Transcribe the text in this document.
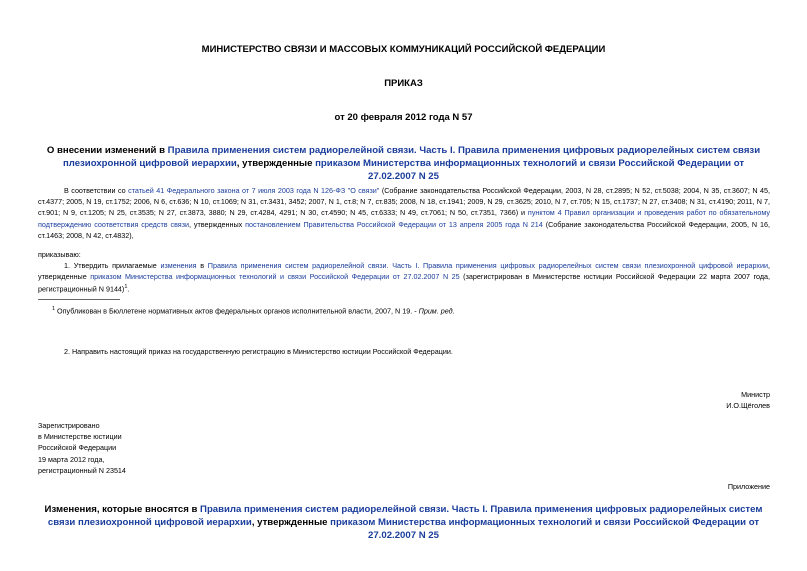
МИНИСТЕРСТВО СВЯЗИ И МАССОВЫХ КОММУНИКАЦИЙ РОССИЙСКОЙ ФЕДЕРАЦИИ
ПРИКАЗ
от 20 февраля 2012 года N 57
О внесении изменений в Правила применения систем радиорелейной связи. Часть I. Правила применения цифровых радиорелейных систем связи плезиохронной цифровой иерархии, утвержденные приказом Министерства информационных технологий и связи Российской Федерации от 27.02.2007 N 25
В соответствии со статьей 41 Федерального закона от 7 июля 2003 года N 126-ФЗ "О связи" (Собрание законодательства Российской Федерации, 2003, N 28, ст.2895; N 52, ст.5038; 2004, N 35, ст.3607; N 45, ст.4377; 2005, N 19, ст.1752; 2006, N 6, ст.636; N 10, ст.1069; N 31, ст.3431, 3452; 2007, N 1, ст.8; N 7, ст.835; 2008, N 18, ст.1941; 2009, N 29, ст.3625; 2010, N 7, ст.705; N 15, ст.1737; N 27, ст.3408; N 31, ст.4190; 2011, N 7, ст.901; N 9, ст.1205; N 25, ст.3535; N 27, ст.3873, 3880; N 29, ст.4284, 4291; N 30, ст.4590; N 45, ст.6333; N 49, ст.7061; N 50, ст.7351, 7366) и пунктом 4 Правил организации и проведения работ по обязательному подтверждению соответствия средств связи, утвержденных постановлением Правительства Российской Федерации от 13 апреля 2005 года N 214 (Собрание законодательства Российской Федерации, 2005, N 16, ст.1463; 2008, N 42, ст.4832),
приказываю:
1. Утвердить прилагаемые изменения в Правила применения систем радиорелейной связи. Часть I. Правила применения цифровых радиорелейных систем связи плезиохронной цифровой иерархии, утвержденные приказом Министерства информационных технологий и связи Российской Федерации от 27.02.2007 N 25 (зарегистрирован в Министерстве юстиции Российской Федерации 22 марта 2007 года, регистрационный N 9144)$^1$.
$^1$ Опубликован в Бюллетене нормативных актов федеральных органов исполнительной власти, 2007, N 19. - Прим. ред.
2. Направить настоящий приказ на государственную регистрацию в Министерство юстиции Российской Федерации.
Министр
И.О.Щёголев
Зарегистрировано
в Министерстве юстиции
Российской Федерации
19 марта 2012 года,
регистрационный N 23514
Приложение
Изменения, которые вносятся в Правила применения систем радиорелейной связи. Часть I. Правила применения цифровых радиорелейных систем связи плезиохронной цифровой иерархии, утвержденные приказом Министерства информационных технологий и связи Российской Федерации от 27.02.2007 N 25
